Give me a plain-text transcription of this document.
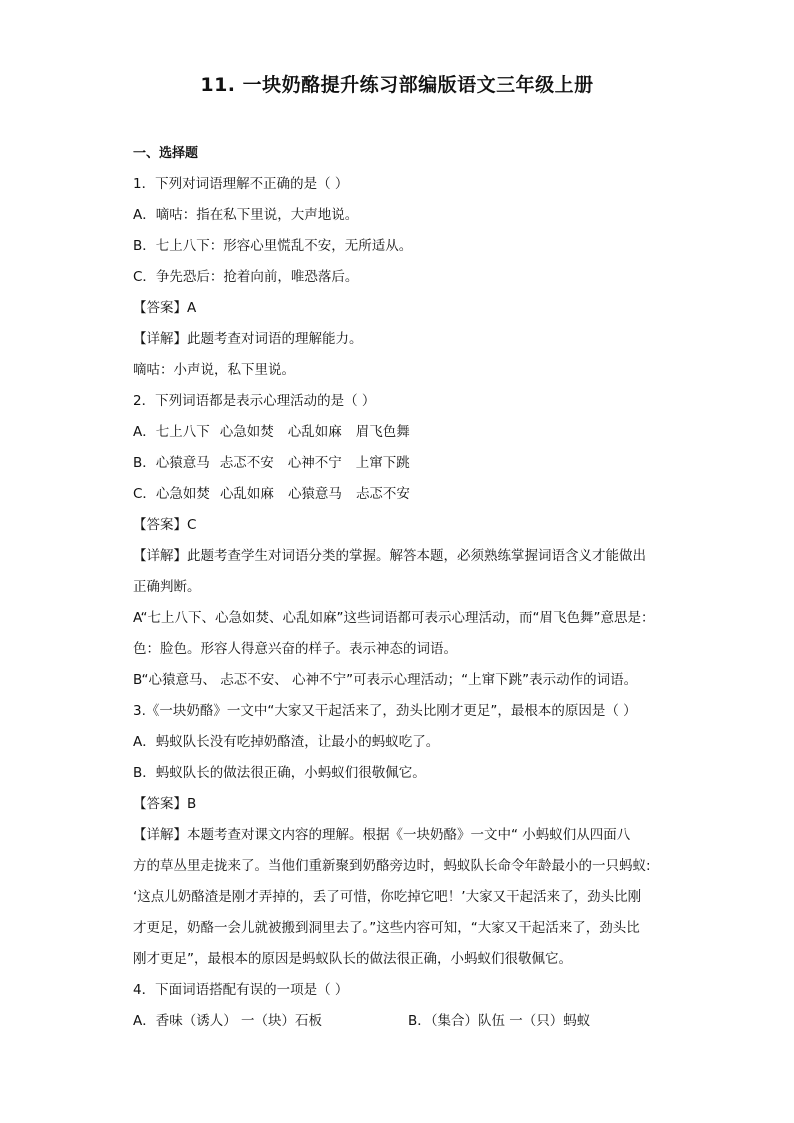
11. 一块奶酪提升练习部编版语文三年级上册
一、选择题
1．下列对词语理解不正确的是（ ）
A．嘀咕：指在私下里说，大声地说。
B．七上八下：形容心里慌乱不安，无所适从。
C．争先恐后：抢着向前，唯恐落后。
【答案】A
【详解】此题考查对词语的理解能力。
嘀咕：小声说，私下里说。
2．下列词语都是表示心理活动的是（ ）
A．七上八下 心急如焚 心乱如麻 眉飞色舞
B．心猿意马 忐忑不安 心神不宁 上窜下跳
C．心急如焚 心乱如麻 心猿意马 忐忑不安
【答案】C
【详解】此题考查学生对词语分类的掌握。解答本题，必须熟练掌握词语含义才能做出
正确判断。
A“七上八下、心急如焚、心乱如麻”这些词语都可表示心理活动，而“眉飞色舞”意思是：
色：脸色。形容人得意兴奋的样子。表示神态的词语。
B“心猿意马、 忐忑不安、 心神不宁”可表示心理活动；“上窜下跳”表示动作的词语。
3.《一块奶酪》一文中“大家又干起活来了，劲头比刚才更足”，最根本的原因是（ ）
A．蚂蚁队长没有吃掉奶酪渣，让最小的蚂蚁吃了。
B．蚂蚁队长的做法很正确，小蚂蚁们很敬佩它。
【答案】B
【详解】本题考查对课文内容的理解。根据《一块奶酪》一文中“ 小蚂蚁们从四面八
方的草丛里走拢来了。当他们重新聚到奶酪旁边时，蚂蚁队长命令年龄最小的一只蚂蚁:
‘这点儿奶酪渣是刚才弄掉的，丢了可惜，你吃掉它吧！’大家又干起活来了，劲头比刚
才更足，奶酪一会儿就被搬到洞里去了。”这些内容可知，“大家又干起活来了，劲头比
刚才更足”，最根本的原因是蚂蚁队长的做法很正确，小蚂蚁们很敬佩它。
4．下面词语搭配有误的一项是（ ）
A．香味（诱人） 一（块）石板	B．（集合）队伍 一（只）蚂蚁
